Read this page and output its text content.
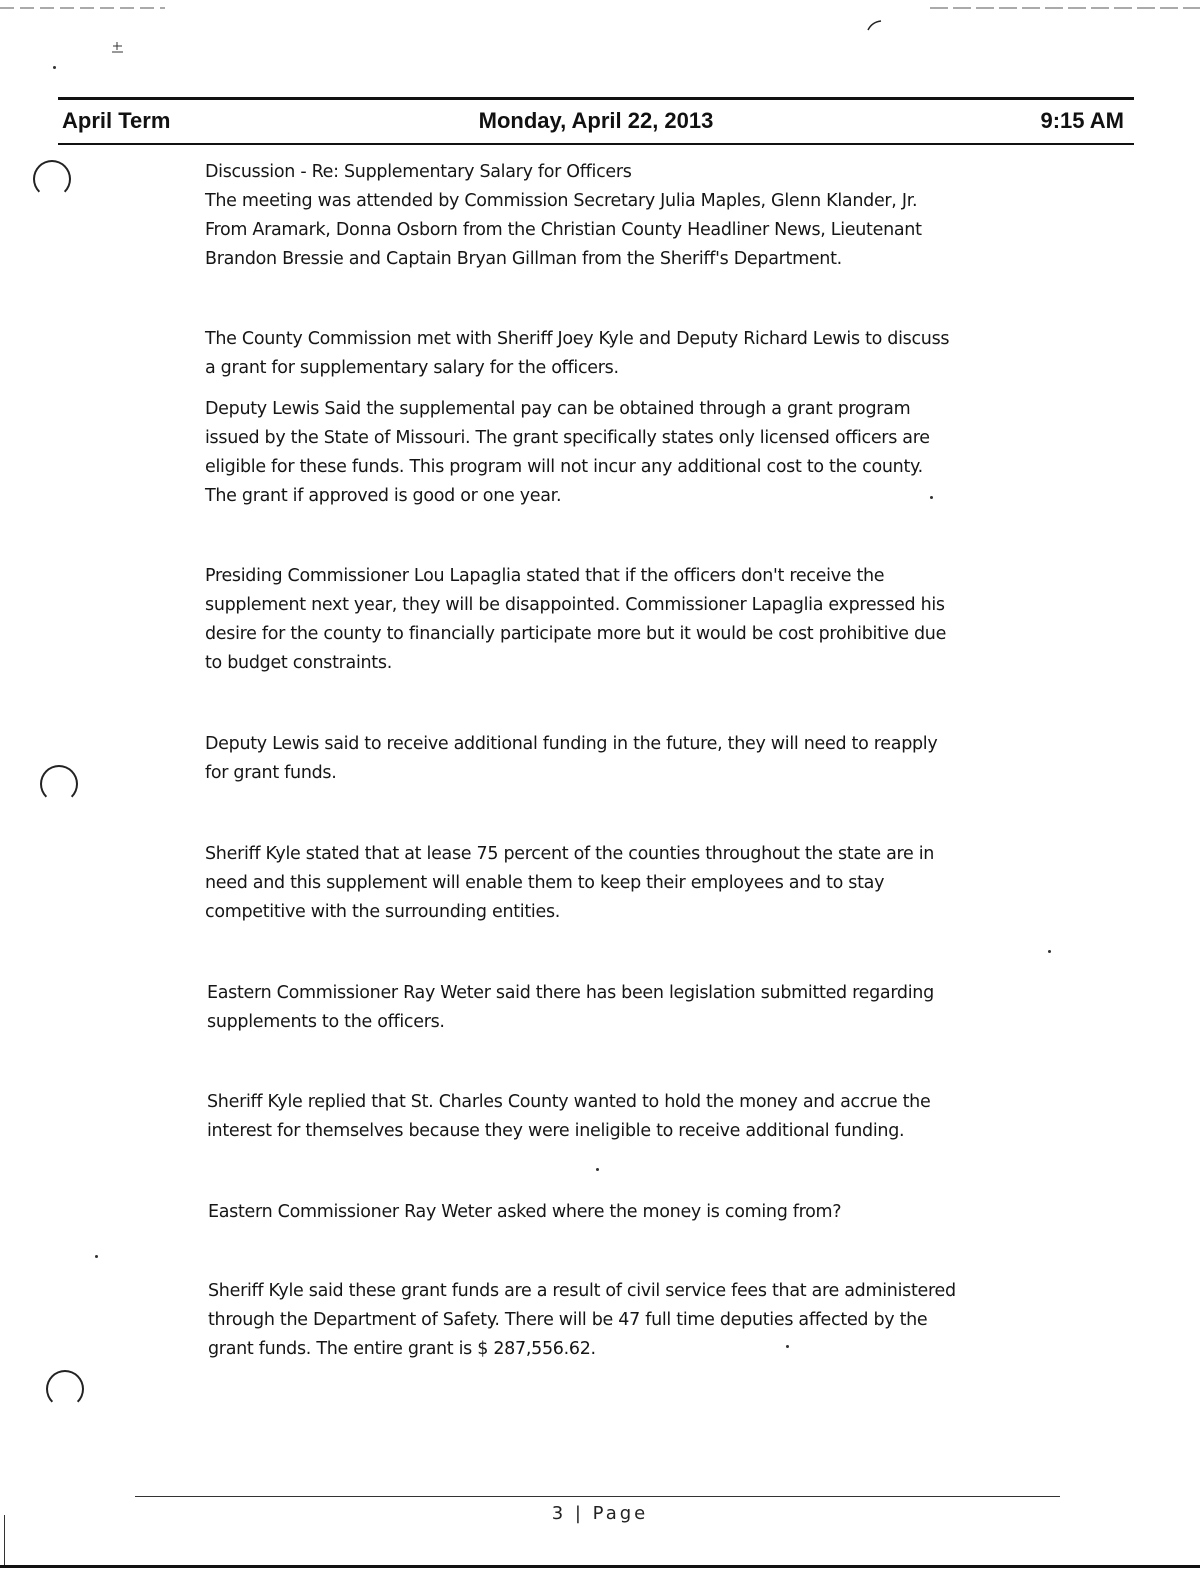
Monday, April 22, 2013
April Term	9:15 AM
Discussion - Re: Supplementary Salary for Officers
The meeting was attended by Commission Secretary Julia Maples, Glenn Klander, Jr.
From Aramark, Donna Osborn from the Christian County Headliner News, Lieutenant
Brandon Bressie and Captain Bryan Gillman from the Sheriff's Department.
The County Commission met with Sheriff Joey Kyle and Deputy Richard Lewis to discuss
a grant for supplementary salary for the officers.
Deputy Lewis Said the supplemental pay can be obtained through a grant program
issued by the State of Missouri. The grant specifically states only licensed officers are
eligible for these funds. This program will not incur any additional cost to the county.
The grant if approved is good or one year.
Presiding Commissioner Lou Lapaglia stated that if the officers don't receive the
supplement next year, they will be disappointed. Commissioner Lapaglia expressed his
desire for the county to financially participate more but it would be cost prohibitive due
to budget constraints.
Deputy Lewis said to receive additional funding in the future, they will need to reapply
for grant funds.
Sheriff Kyle stated that at lease 75 percent of the counties throughout the state are in
need and this supplement will enable them to keep their employees and to stay
competitive with the surrounding entities.
Eastern Commissioner Ray Weter said there has been legislation submitted regarding
supplements to the officers.
Sheriff Kyle replied that St. Charles County wanted to hold the money and accrue the
interest for themselves because they were ineligible to receive additional funding.
Eastern Commissioner Ray Weter asked where the money is coming from?
Sheriff Kyle said these grant funds are a result of civil service fees that are administered
through the Department of Safety. There will be 47 full time deputies affected by the
grant funds. The entire grant is $ 287,556.62.
3 | Page
